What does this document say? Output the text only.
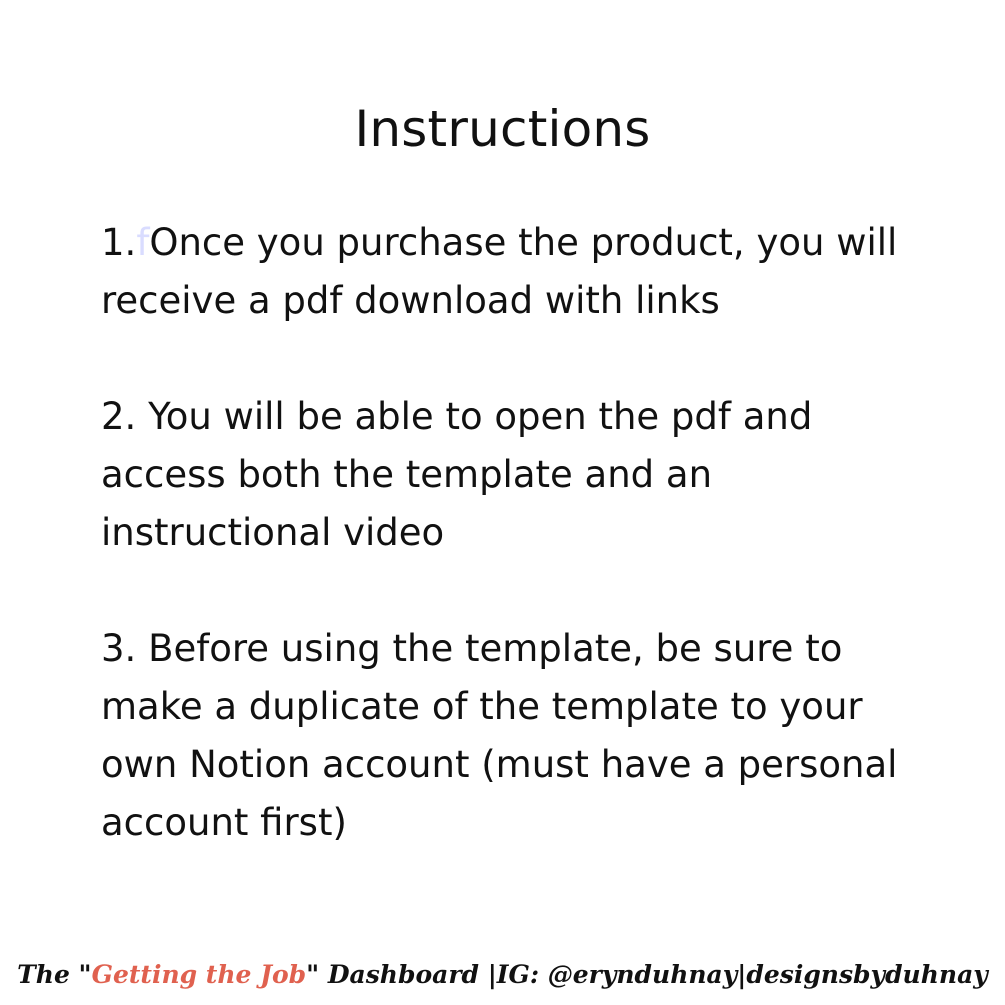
Instructions
1.fOnce you purchase the product, you will receive a pdf download with links
2. You will be able to open the pdf and access both the template and an instructional video
3. Before using the template, be sure to make a duplicate of the template to your own Notion account (must have a personal account first)
The "Getting the Job" Dashboard |IG: @erynduhnay|designsbyduhnay
